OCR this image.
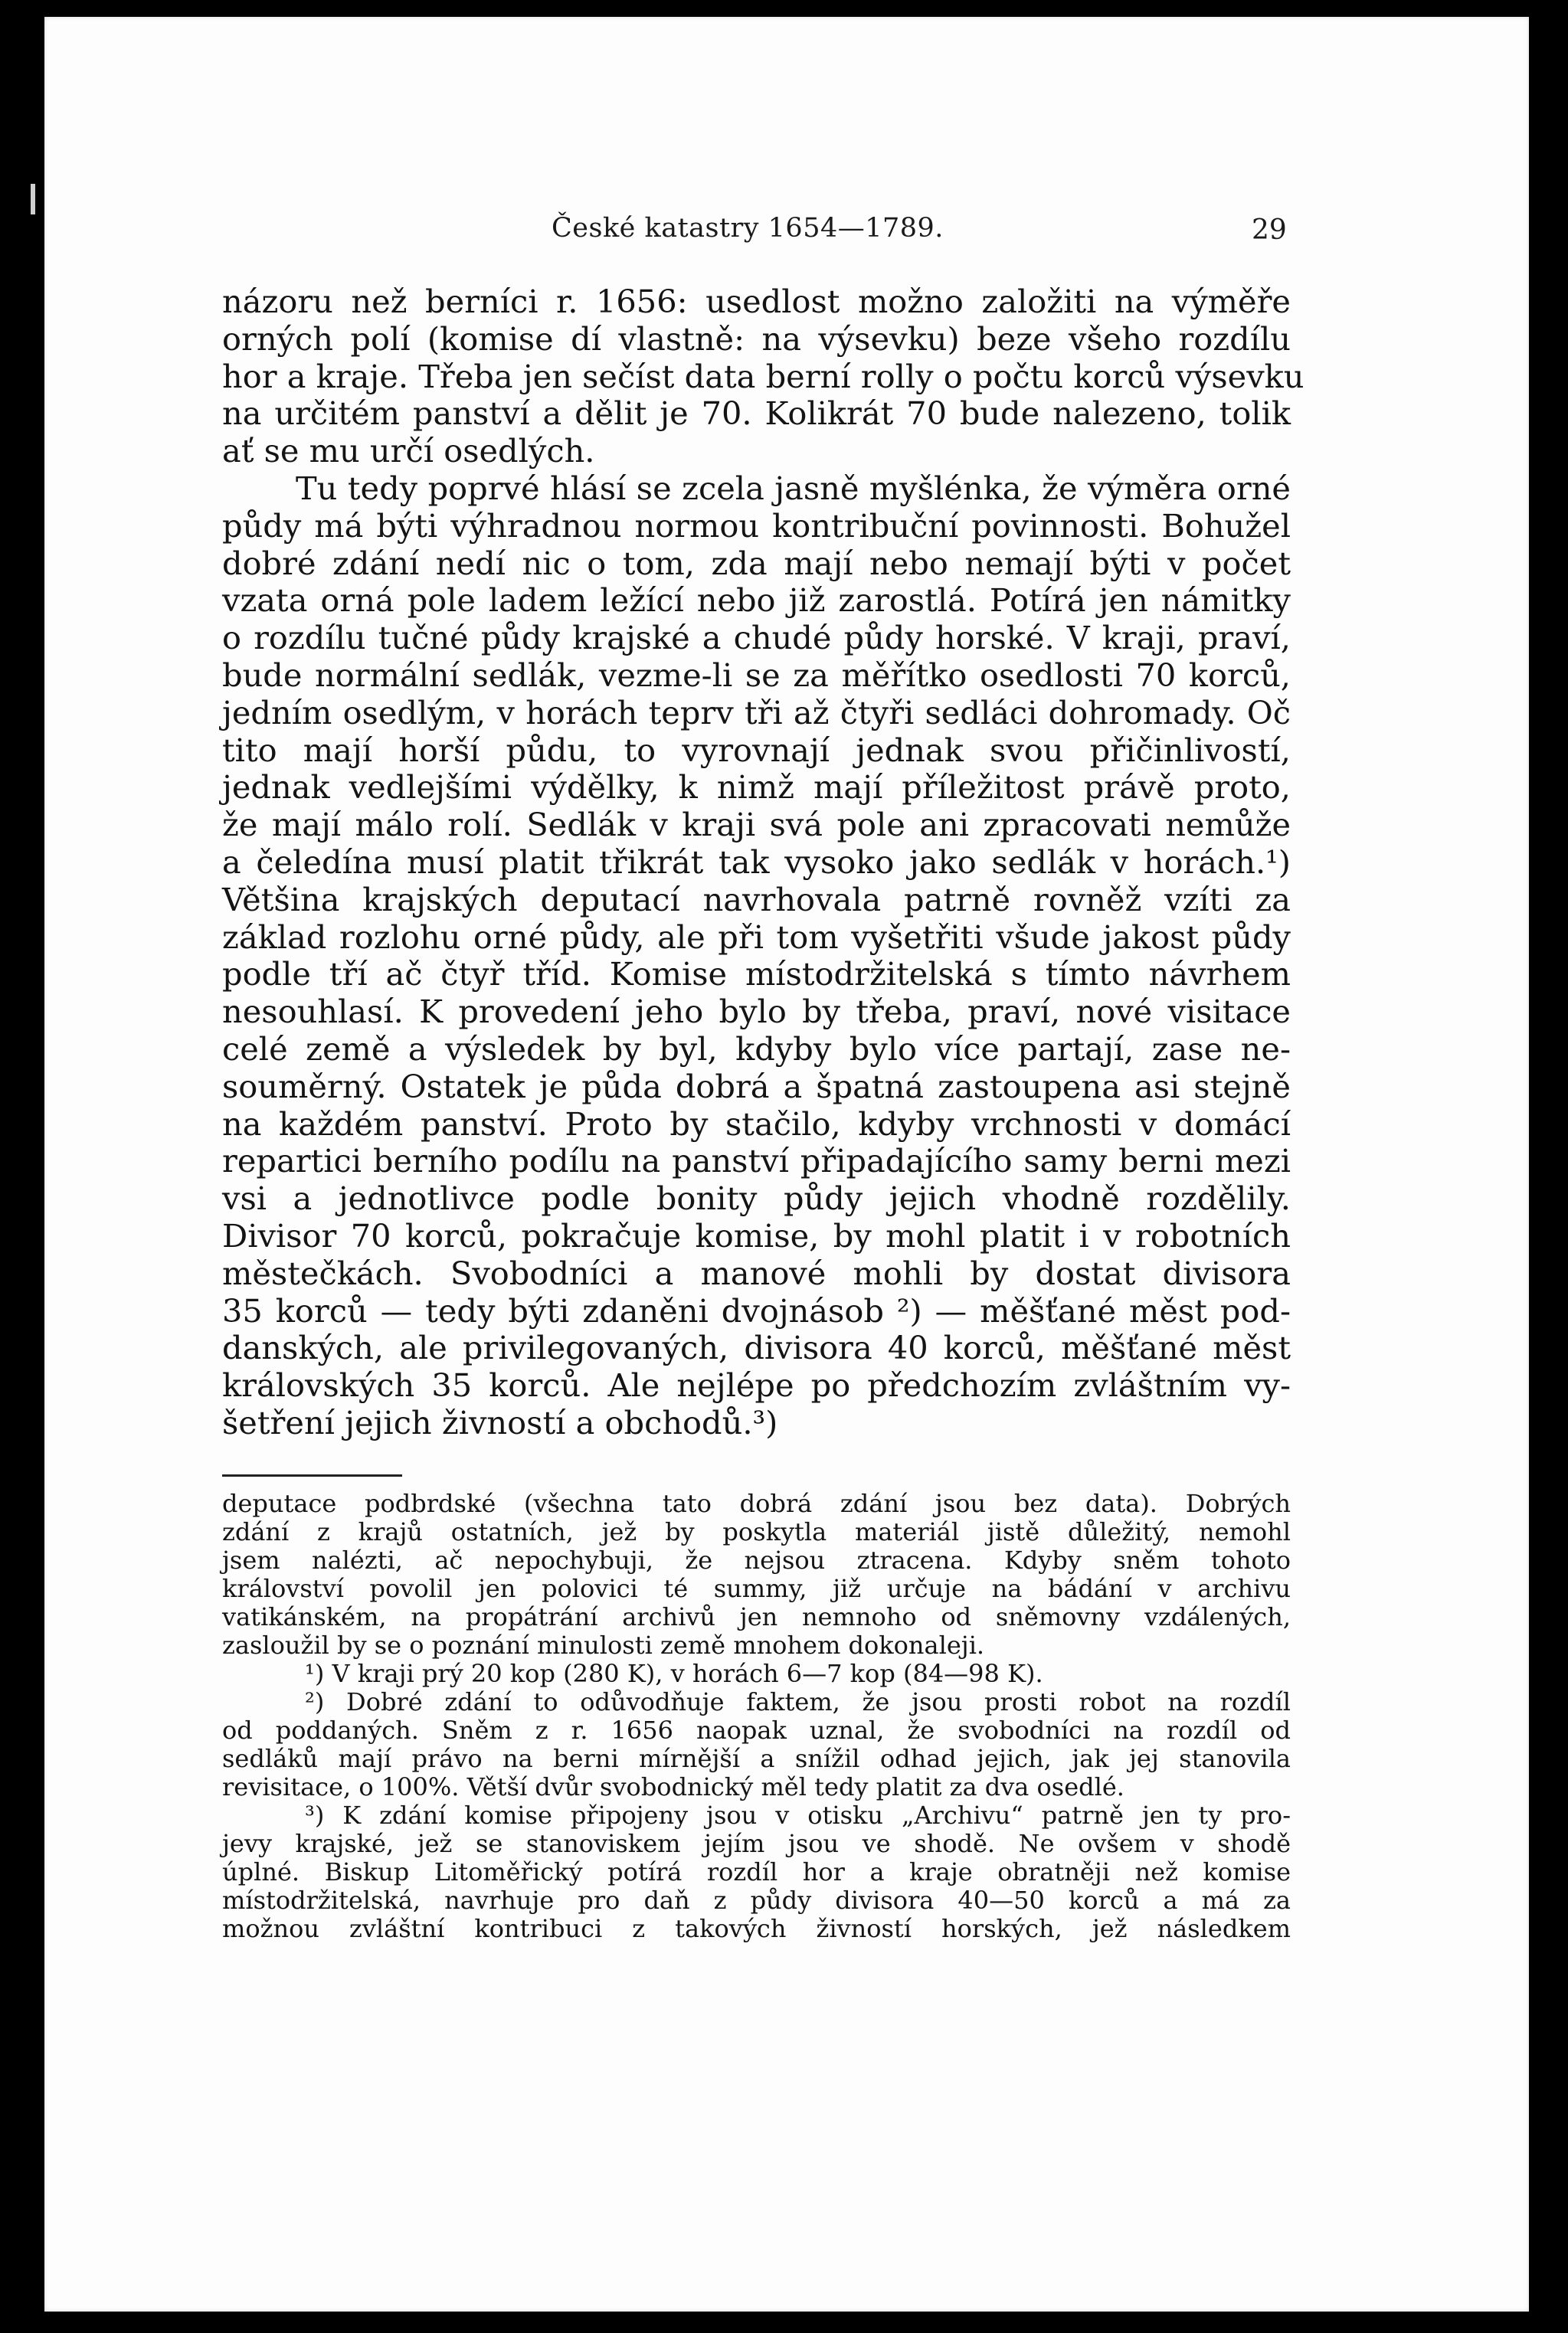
České katastry 1654—1789.	29
názoru než berníci r. 1656: usedlost možno založiti na výměře
orných polí (komise dí vlastně: na výsevku) beze všeho rozdílu
hor a kraje. Třeba jen sečíst data berní rolly o počtu korců výsevku
na určitém panství a dělit je 70. Kolikrát 70 bude nalezeno, tolik
ať se mu určí osedlých.
Tu tedy poprvé hlásí se zcela jasně myšlénka, že výměra orné
půdy má býti výhradnou normou kontribuční povinnosti. Bohužel
dobré zdání nedí nic o tom, zda mají nebo nemají býti v počet
vzata orná pole ladem ležící nebo již zarostlá. Potírá jen námitky
o rozdílu tučné půdy krajské a chudé půdy horské. V kraji, praví,
bude normální sedlák, vezme-li se za měřítko osedlosti 70 korců,
jedním osedlým, v horách teprv tři až čtyři sedláci dohromady. Oč
tito mají horší půdu, to vyrovnají jednak svou přičinlivostí,
jednak vedlejšími výdělky, k nimž mají příležitost právě proto,
že mají málo rolí. Sedlák v kraji svá pole ani zpracovati nemůže
a čeledína musí platit třikrát tak vysoko jako sedlák v horách.¹)
Většina krajských deputací navrhovala patrně rovněž vzíti za
základ rozlohu orné půdy, ale při tom vyšetřiti všude jakost půdy
podle tří ač čtyř tříd. Komise místodržitelská s tímto návrhem
nesouhlasí. K provedení jeho bylo by třeba, praví, nové visitace
celé země a výsledek by byl, kdyby bylo více partají, zase ne-
souměrný. Ostatek je půda dobrá a špatná zastoupena asi stejně
na každém panství. Proto by stačilo, kdyby vrchnosti v domácí
repartici berního podílu na panství připadajícího samy berni mezi
vsi a jednotlivce podle bonity půdy jejich vhodně rozdělily.
Divisor 70 korců, pokračuje komise, by mohl platit i v robotních
městečkách. Svobodníci a manové mohli by dostat divisora
35 korců — tedy býti zdaněni dvojnásob ²) — měšťané měst pod-
danských, ale privilegovaných, divisora 40 korců, měšťané měst
královských 35 korců. Ale nejlépe po předchozím zvláštním vy-
šetření jejich živností a obchodů.³)
deputace podbrdské (všechna tato dobrá zdání jsou bez data). Dobrých
zdání z krajů ostatních, jež by poskytla materiál jistě důležitý, nemohl
jsem nalézti, ač nepochybuji, že nejsou ztracena. Kdyby sněm tohoto
království povolil jen polovici té summy, již určuje na bádání v archivu
vatikánském, na propátrání archivů jen nemnoho od sněmovny vzdálených,
zasloužil by se o poznání minulosti země mnohem dokonaleji.
¹) V kraji prý 20 kop (280 K), v horách 6—7 kop (84—98 K).
²) Dobré zdání to odůvodňuje faktem, že jsou prosti robot na rozdíl
od poddaných. Sněm z r. 1656 naopak uznal, že svobodníci na rozdíl od
sedláků mají právo na berni mírnější a snížil odhad jejich, jak jej stanovila
revisitace, o 100%. Větší dvůr svobodnický měl tedy platit za dva osedlé.
³) K zdání komise připojeny jsou v otisku „Archivu“ patrně jen ty pro-
jevy krajské, jež se stanoviskem jejím jsou ve shodě. Ne ovšem v shodě
úplné. Biskup Litoměřický potírá rozdíl hor a kraje obratněji než komise
místodržitelská, navrhuje pro daň z půdy divisora 40—50 korců a má za
možnou zvláštní kontribuci z takových živností horských, jež následkem
